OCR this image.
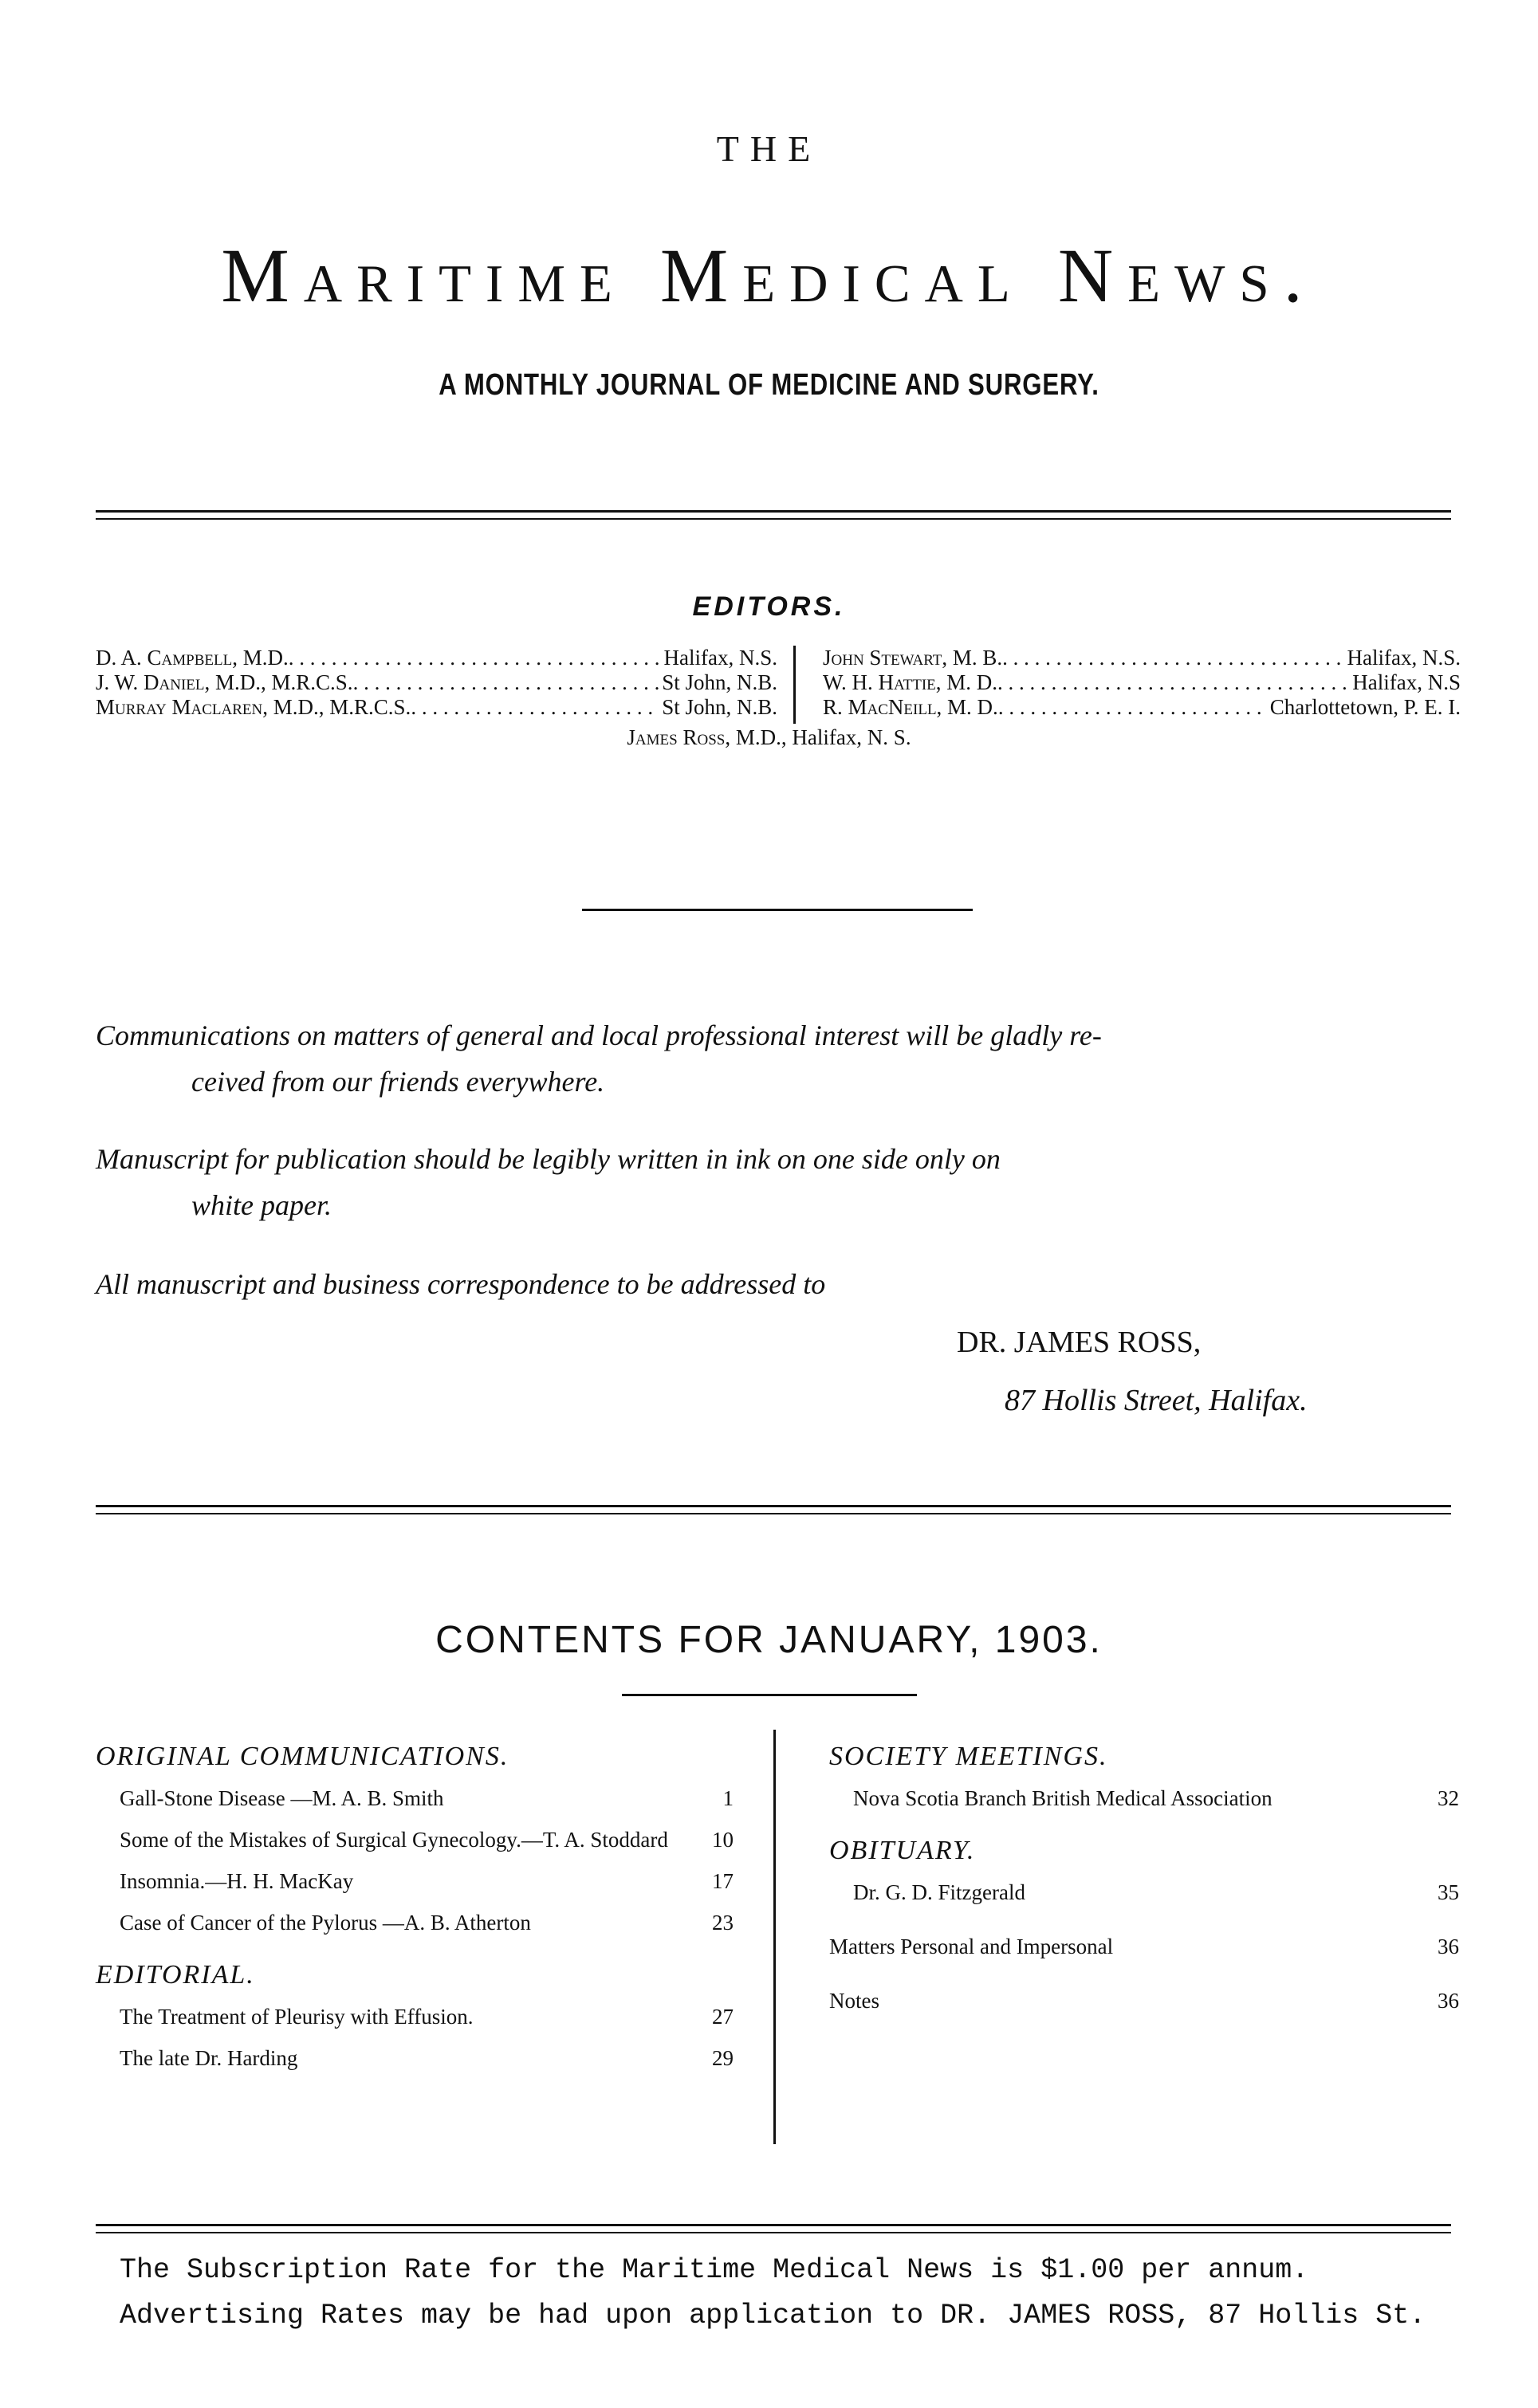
THE
Maritime Medical News.
A MONTHLY JOURNAL OF MEDICINE AND SURGERY.
EDITORS.
D. A. Campbell, M.D. . . .	Halifax, N.S.
J. W. Daniel, M.D., M.R.C.S. . . .	St John, N.B.
Murray Maclaren, M.D., M.R.C.S. . . .	St John, N.B.
John Stewart, M. B. . . .	Halifax, N.S.
W. H. Hattie, M. D. . . .	Halifax, N.S
R. MacNeill, M. D. . . .	Charlottetown, P. E. I.
James Ross, M.D., Halifax, N. S.
Communications on matters of general and local professional interest will be gladly re-
ceived from our friends everywhere.
Manuscript for publication should be legibly written in ink on one side only on
white paper.
All manuscript and business correspondence to be addressed to
DR. JAMES ROSS,
87 Hollis Street, Halifax.
CONTENTS FOR JANUARY, 1903.
ORIGINAL COMMUNICATIONS.
Gall-Stone Disease —M. A. B. Smith	1
Some of the Mistakes of Surgical Gynecology.—T. A. Stoddard	10
Insomnia.—H. H. MacKay	17
Case of Cancer of the Pylorus —A. B. Atherton	23
EDITORIAL.
The Treatment of Pleurisy with Effusion.	27
The late Dr. Harding	29
SOCIETY MEETINGS.
Nova Scotia Branch British Medical Association	32
OBITUARY.
Dr. G. D. Fitzgerald	35
Matters Personal and Impersonal	36
Notes	36
The Subscription Rate for the Maritime Medical News is $1.00 per annum.
Advertising Rates may be had upon application to DR. JAMES ROSS, 87 Hollis St.
